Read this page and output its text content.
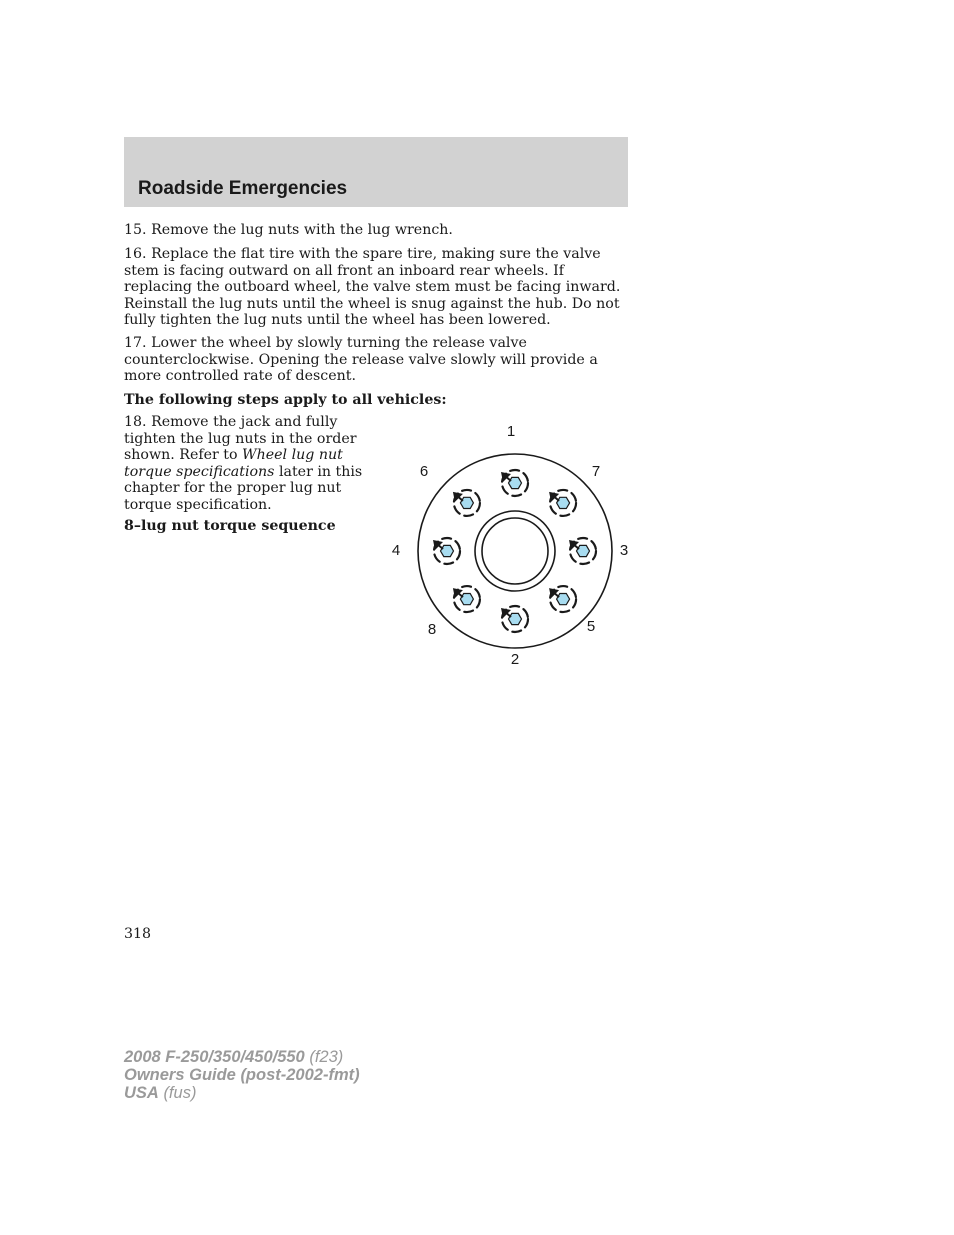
Roadside Emergencies

15. Remove the lug nuts with the lug wrench.

16. Replace the flat tire with the spare tire, making sure the valve stem is facing outward on all front an inboard rear wheels. If replacing the outboard wheel, the valve stem must be facing inward. Reinstall the lug nuts until the wheel is snug against the hub. Do not fully tighten the lug nuts until the wheel has been lowered.

17. Lower the wheel by slowly turning the release valve counterclockwise. Opening the release valve slowly will provide a more controlled rate of descent.

The following steps apply to all vehicles:

18. Remove the jack and fully tighten the lug nuts in the order shown. Refer to Wheel lug nut torque specifications later in this chapter for the proper lug nut torque specification.

8–lug nut torque sequence

1
2
3
4
5
6	7
8
318
2008 F-250/350/450/550 (f23)
Owners Guide (post-2002-fmt)
USA (fus)
